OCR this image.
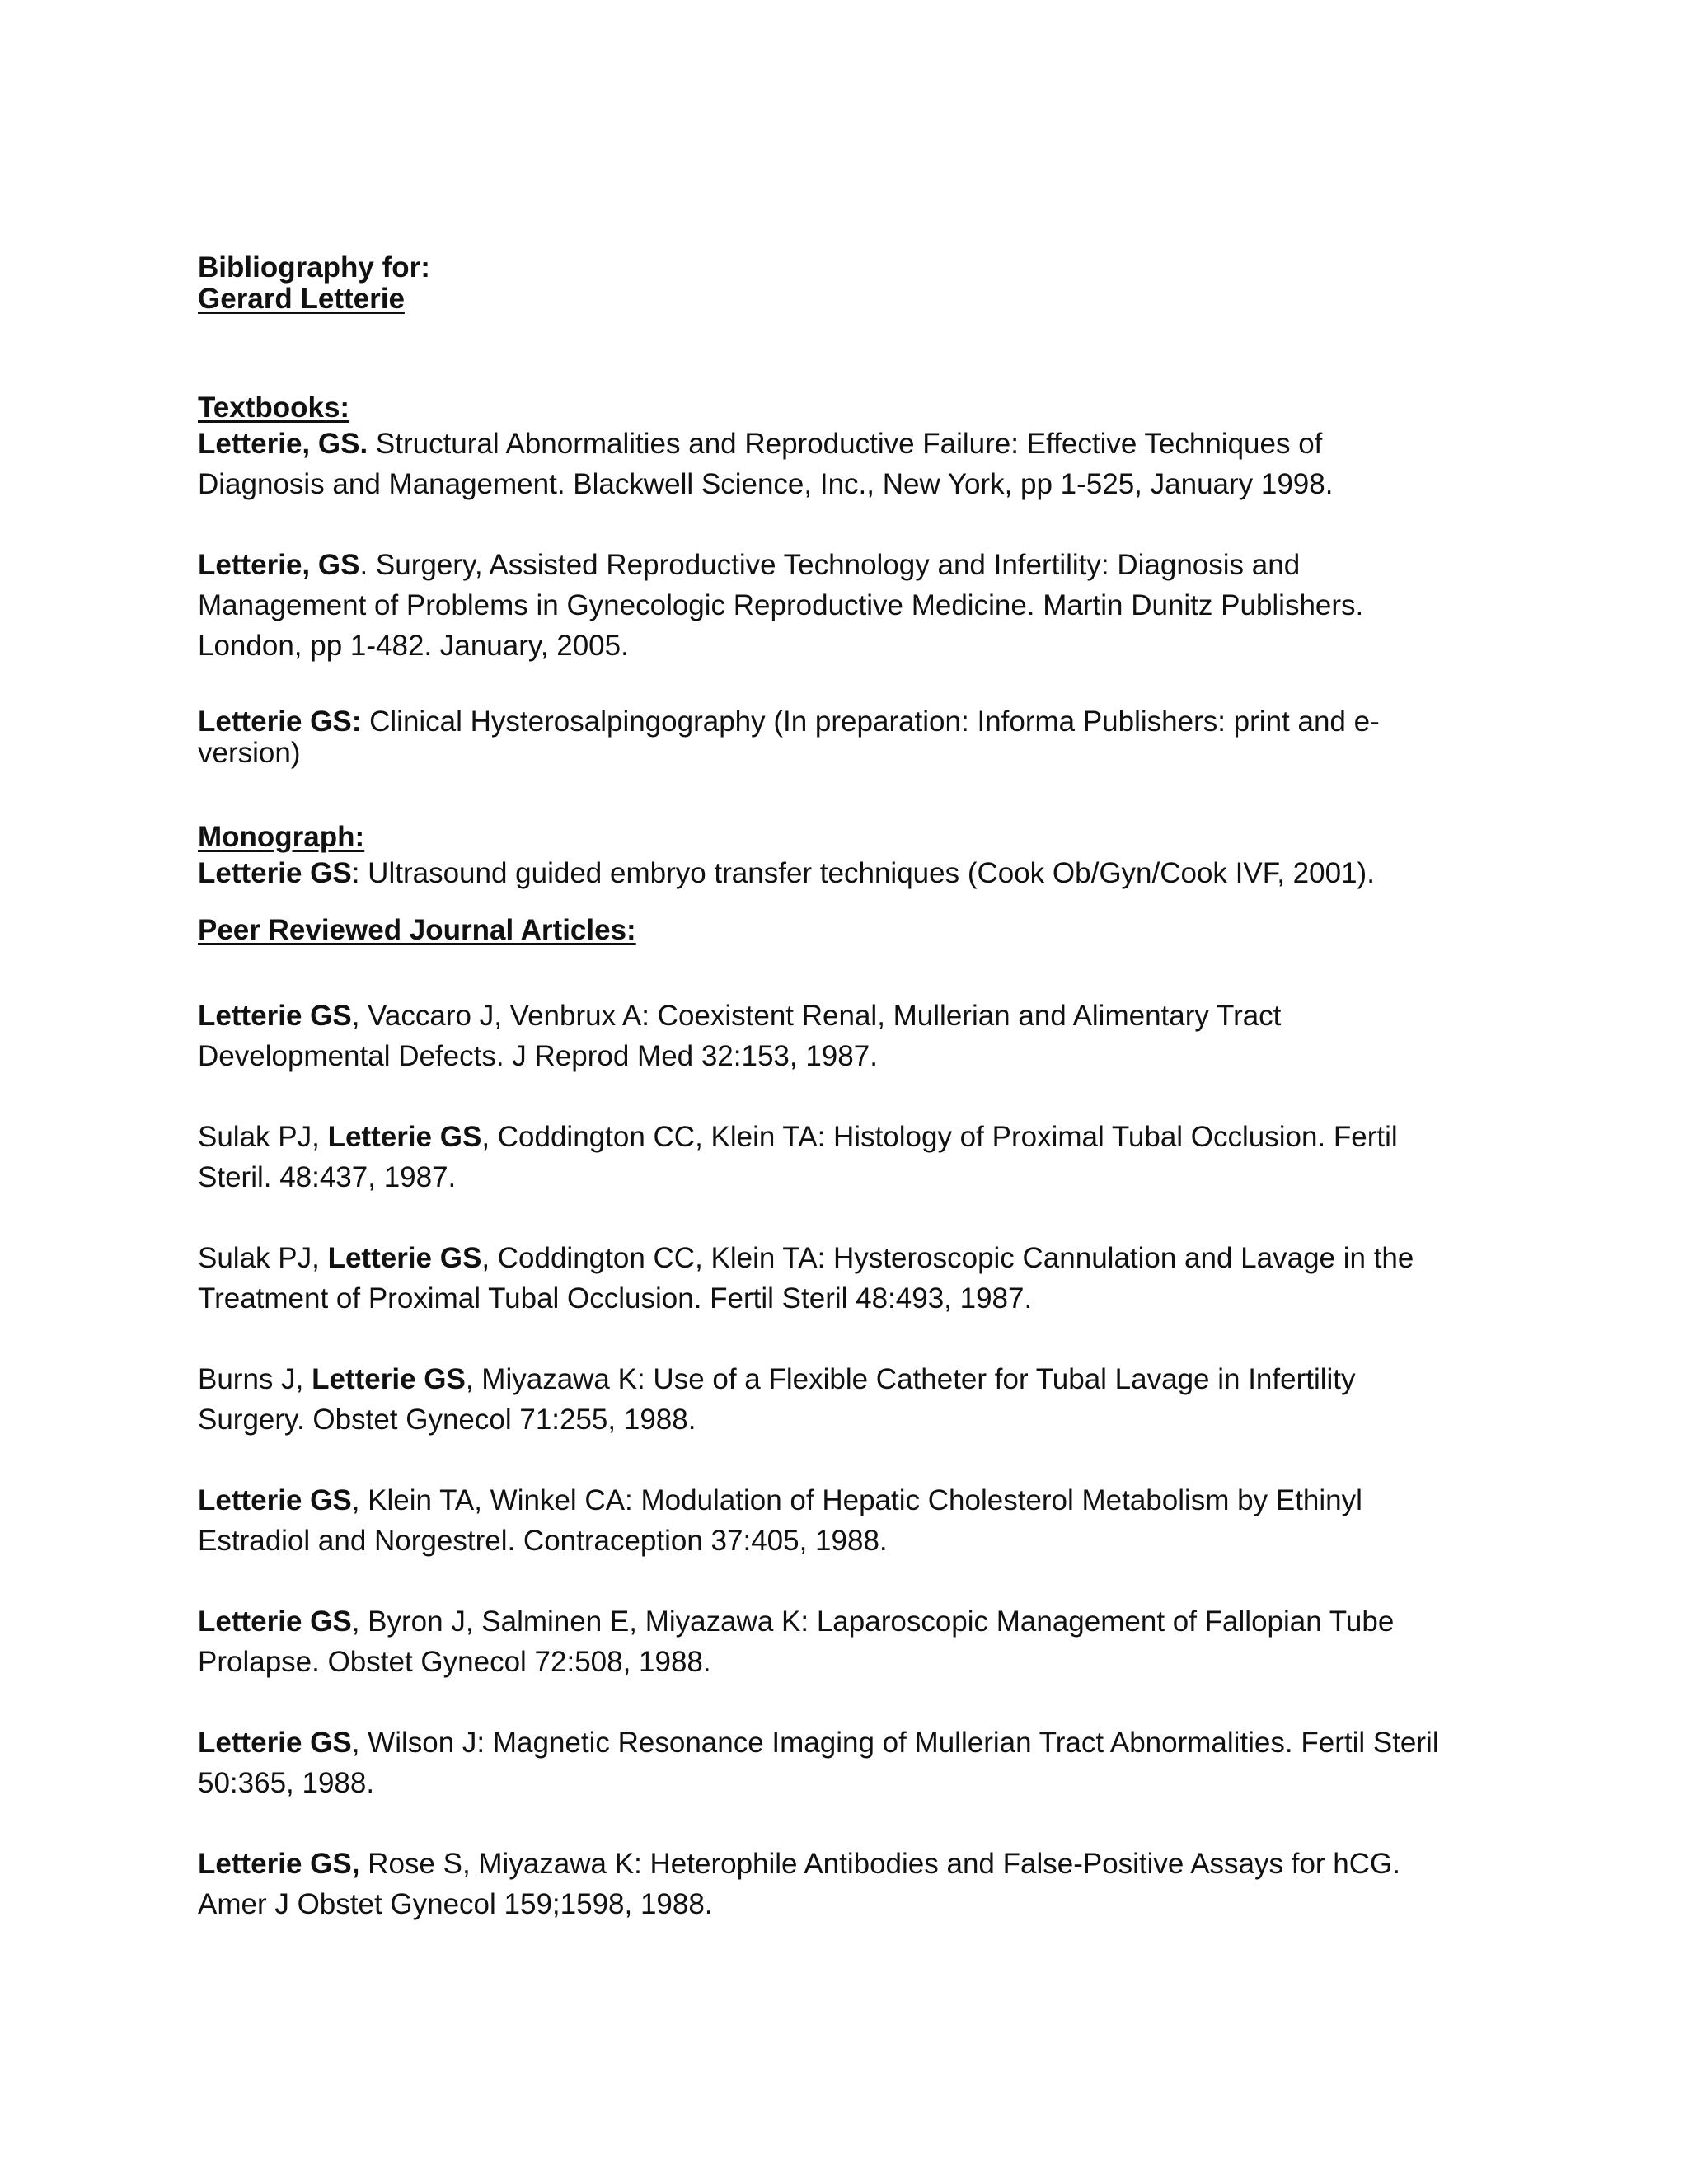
Bibliography for:
Gerard Letterie
Textbooks:

Letterie, GS. Structural Abnormalities and Reproductive Failure: Effective Techniques of Diagnosis and Management. Blackwell Science, Inc., New York, pp 1-525, January 1998.

Letterie, GS. Surgery, Assisted Reproductive Technology and Infertility: Diagnosis and Management of Problems in Gynecologic Reproductive Medicine. Martin Dunitz Publishers. London, pp 1-482. January, 2005.

Letterie GS: Clinical Hysterosalpingography (In preparation: Informa Publishers: print and e-version)

Monograph:

Letterie GS: Ultrasound guided embryo transfer techniques (Cook Ob/Gyn/Cook IVF, 2001).

Peer Reviewed Journal Articles:

Letterie GS, Vaccaro J, Venbrux A: Coexistent Renal, Mullerian and Alimentary Tract Developmental Defects. J Reprod Med 32:153, 1987.

Sulak PJ, Letterie GS, Coddington CC, Klein TA: Histology of Proximal Tubal Occlusion. Fertil Steril. 48:437, 1987.

Sulak PJ, Letterie GS, Coddington CC, Klein TA: Hysteroscopic Cannulation and Lavage in the Treatment of Proximal Tubal Occlusion. Fertil Steril 48:493, 1987.

Burns J, Letterie GS, Miyazawa K: Use of a Flexible Catheter for Tubal Lavage in Infertility Surgery. Obstet Gynecol 71:255, 1988.

Letterie GS, Klein TA, Winkel CA: Modulation of Hepatic Cholesterol Metabolism by Ethinyl Estradiol and Norgestrel. Contraception 37:405, 1988.

Letterie GS, Byron J, Salminen E, Miyazawa K: Laparoscopic Management of Fallopian Tube Prolapse. Obstet Gynecol 72:508, 1988.

Letterie GS, Wilson J: Magnetic Resonance Imaging of Mullerian Tract Abnormalities. Fertil Steril 50:365, 1988.

Letterie GS, Rose S, Miyazawa K: Heterophile Antibodies and False-Positive Assays for hCG. Amer J Obstet Gynecol 159;1598, 1988.
